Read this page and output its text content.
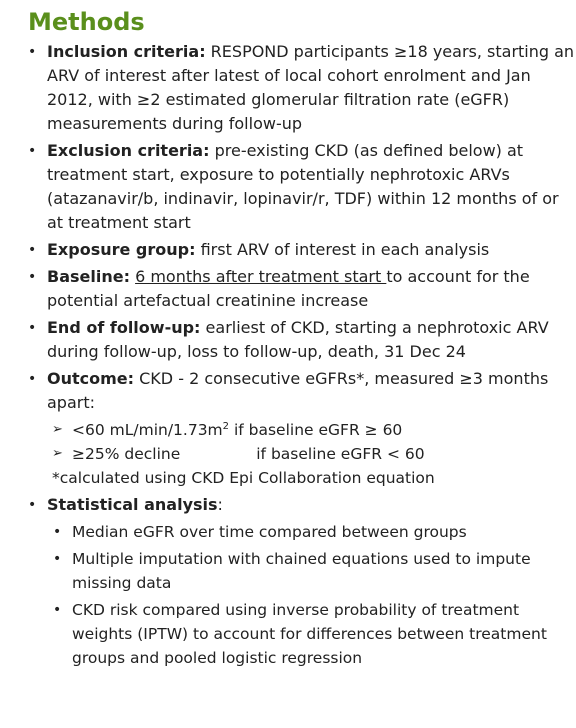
Methods
• Inclusion criteria: RESPOND participants ≥18 years, starting an ARV of interest after latest of local cohort enrolment and Jan 2012, with ≥2 estimated glomerular filtration rate (eGFR) measurements during follow-up
• Exclusion criteria: pre-existing CKD (as defined below) at treatment start, exposure to potentially nephrotoxic ARVs (atazanavir/b, indinavir, lopinavir/r, TDF) within 12 months of or at treatment start
• Exposure group: first ARV of interest in each analysis
• Baseline: 6 months after treatment start to account for the potential artefactual creatinine increase
• End of follow-up: earliest of CKD, starting a nephrotoxic ARV during follow-up, loss to follow-up, death, 31 Dec 24
• Outcome: CKD - 2 consecutive eGFRs*, measured ≥3 months apart:
➢ <60 $mL/\min/1.73m^2$ if baseline eGFR ≥ 60
➢ ≥25% decline	if baseline eGFR < 60
*calculated using CKD Epi Collaboration equation
• Statistical analysis:
• Median eGFR over time compared between groups
• Multiple imputation with chained equations used to impute missing data
• CKD risk compared using inverse probability of treatment weights (IPTW) to account for differences between treatment groups and pooled logistic regression
